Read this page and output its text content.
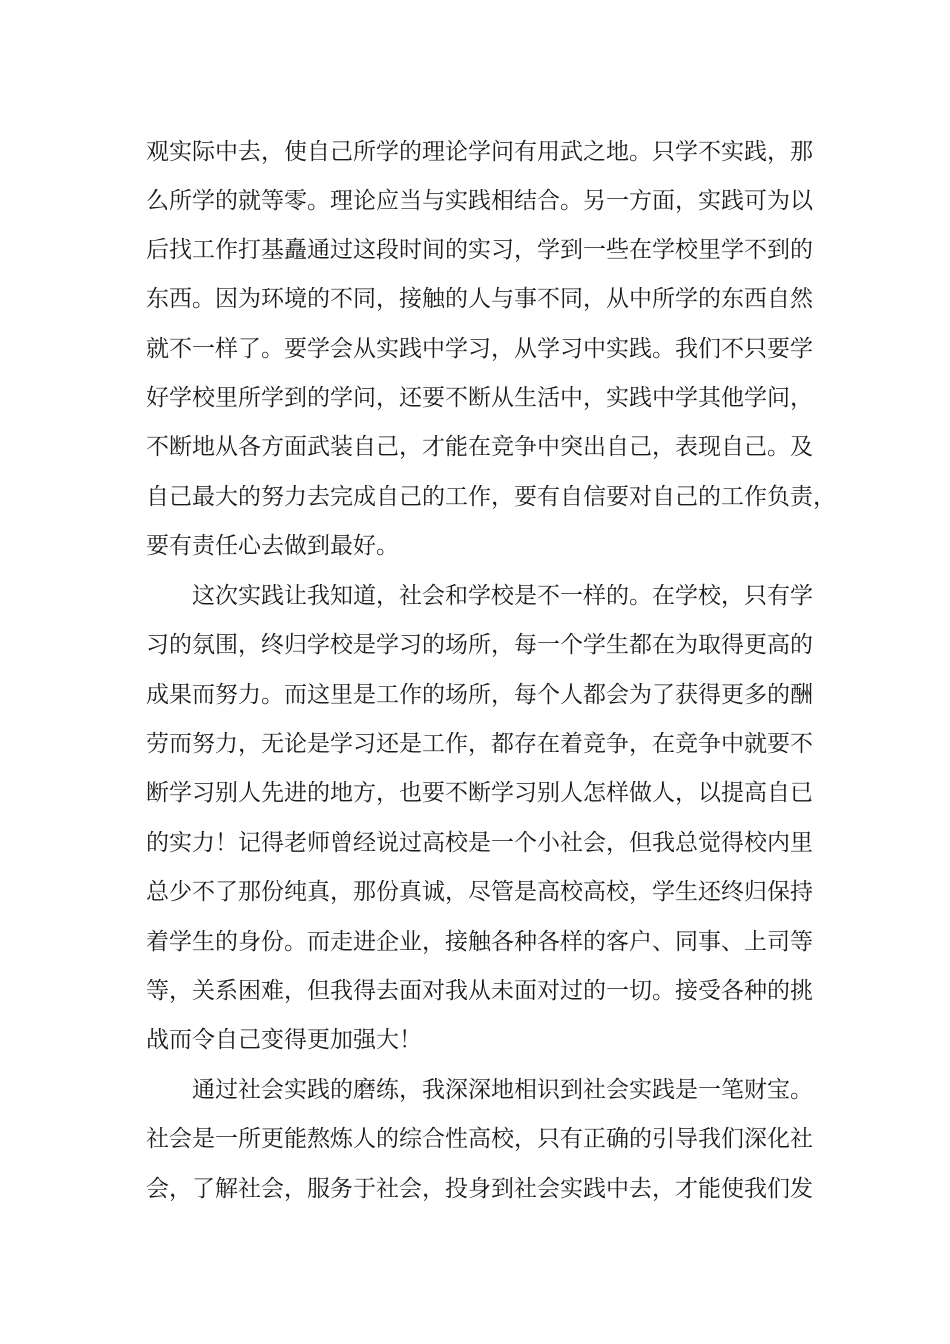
观实际中去，使自己所学的理论学问有用武之地。只学不实践，那
么所学的就等零。理论应当与实践相结合。另一方面，实践可为以
后找工作打基矗通过这段时间的实习，学到一些在学校里学不到的
东西。因为环境的不同，接触的人与事不同，从中所学的东西自然
就不一样了。要学会从实践中学习，从学习中实践。我们不只要学
好学校里所学到的学问，还要不断从生活中，实践中学其他学问，
不断地从各方面武装自己，才能在竞争中突出自己，表现自己。及
自己最大的努力去完成自己的工作，要有自信要对自己的工作负责，
要有责任心去做到最好。
这次实践让我知道，社会和学校是不一样的。在学校，只有学
习的氛围，终归学校是学习的场所，每一个学生都在为取得更高的
成果而努力。而这里是工作的场所，每个人都会为了获得更多的酬
劳而努力，无论是学习还是工作，都存在着竞争，在竞争中就要不
断学习别人先进的地方，也要不断学习别人怎样做人，以提高自已
的实力！记得老师曾经说过高校是一个小社会，但我总觉得校内里
总少不了那份纯真，那份真诚，尽管是高校高校，学生还终归保持
着学生的身份。而走进企业，接触各种各样的客户、同事、上司等
等，关系困难，但我得去面对我从未面对过的一切。接受各种的挑
战而令自己变得更加强大！
通过社会实践的磨练，我深深地相识到社会实践是一笔财宝。
社会是一所更能熬炼人的综合性高校，只有正确的引导我们深化社
会，了解社会，服务于社会，投身到社会实践中去，才能使我们发
